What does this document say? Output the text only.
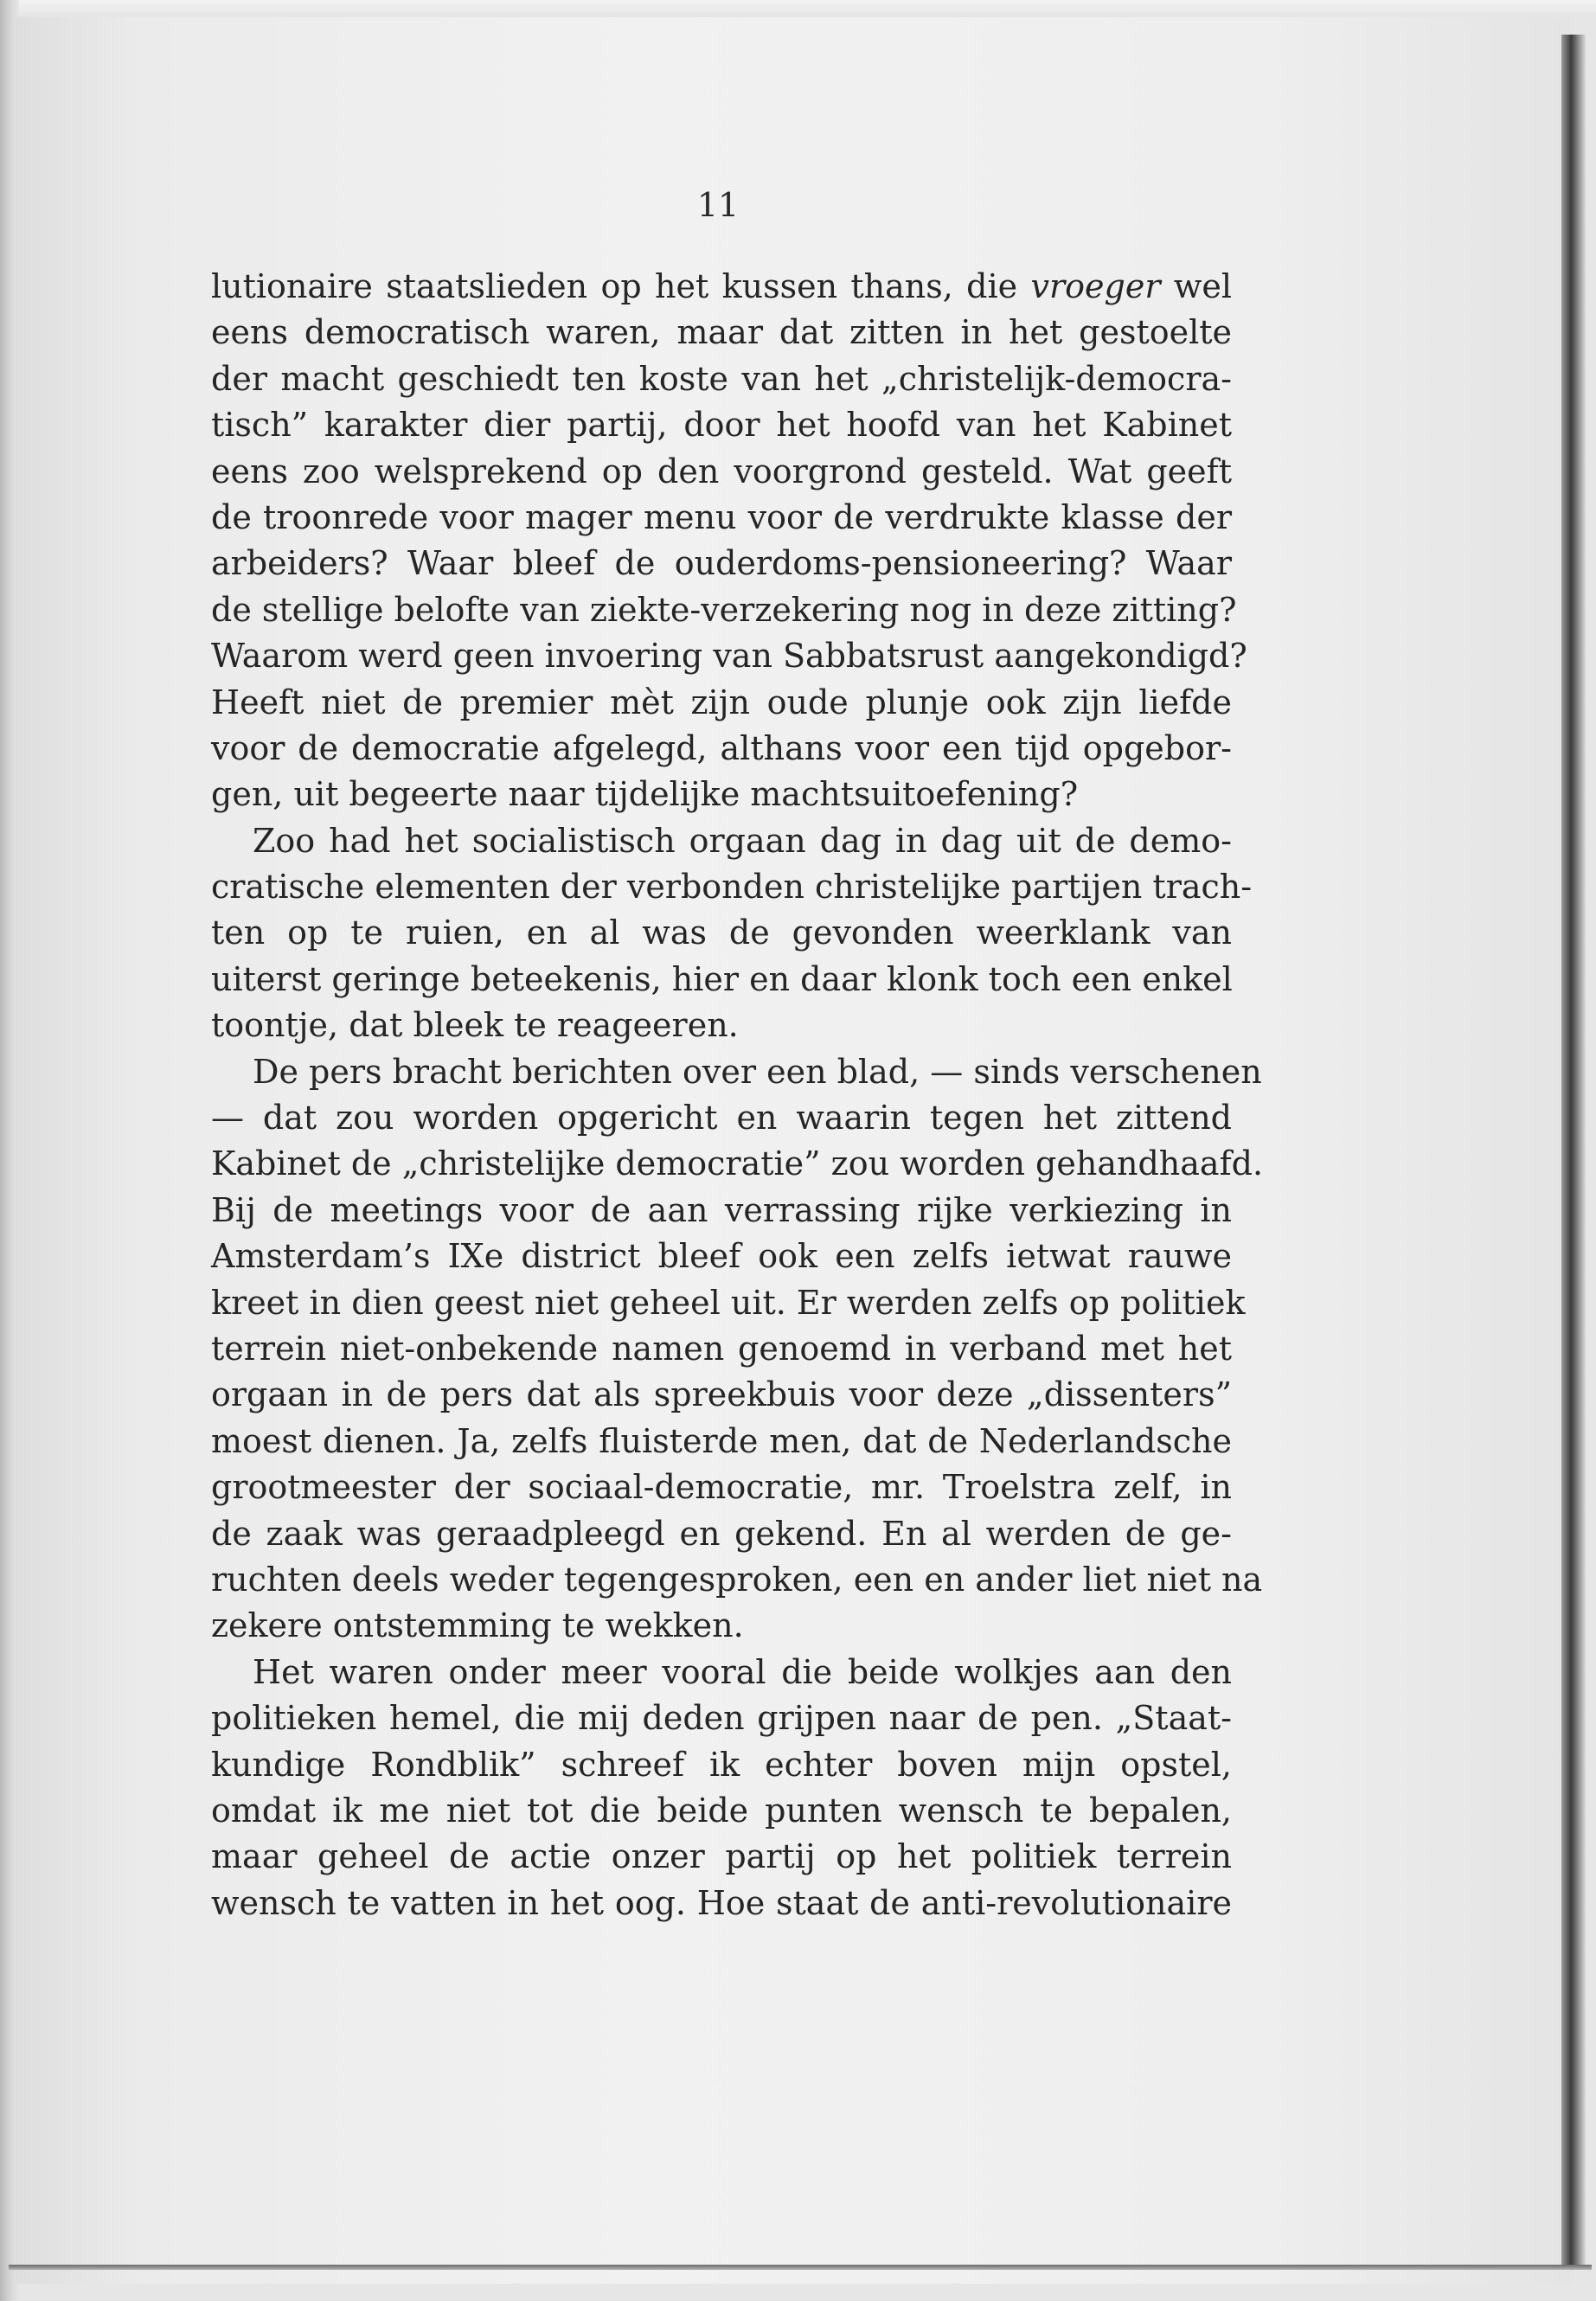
11
lutionaire staatslieden op het kussen thans, die vroeger wel
eens democratisch waren, maar dat zitten in het gestoelte
der macht geschiedt ten koste van het „christelijk-democra-
tisch” karakter dier partij, door het hoofd van het Kabinet
eens zoo welsprekend op den voorgrond gesteld. Wat geeft
de troonrede voor mager menu voor de verdrukte klasse der
arbeiders? Waar bleef de ouderdoms-pensioneering? Waar
de stellige belofte van ziekte-verzekering nog in deze zitting?
Waarom werd geen invoering van Sabbatsrust aangekondigd?
Heeft niet de premier mèt zijn oude plunje ook zijn liefde
voor de democratie afgelegd, althans voor een tijd opgebor-
gen, uit begeerte naar tijdelijke machtsuitoefening?
Zoo had het socialistisch orgaan dag in dag uit de demo-
cratische elementen der verbonden christelijke partijen trach-
ten op te ruien, en al was de gevonden weerklank van
uiterst geringe beteekenis, hier en daar klonk toch een enkel
toontje, dat bleek te reageeren.
De pers bracht berichten over een blad, — sinds verschenen
— dat zou worden opgericht en waarin tegen het zittend
Kabinet de „christelijke democratie” zou worden gehandhaafd.
Bij de meetings voor de aan verrassing rijke verkiezing in
Amsterdam’s IXe district bleef ook een zelfs ietwat rauwe
kreet in dien geest niet geheel uit. Er werden zelfs op politiek
terrein niet-onbekende namen genoemd in verband met het
orgaan in de pers dat als spreekbuis voor deze „dissenters”
moest dienen. Ja, zelfs fluisterde men, dat de Nederlandsche
grootmeester der sociaal-democratie, mr. Troelstra zelf, in
de zaak was geraadpleegd en gekend. En al werden de ge-
ruchten deels weder tegengesproken, een en ander liet niet na
zekere ontstemming te wekken.
Het waren onder meer vooral die beide wolkjes aan den
politieken hemel, die mij deden grijpen naar de pen. „Staat-
kundige Rondblik” schreef ik echter boven mijn opstel,
omdat ik me niet tot die beide punten wensch te bepalen,
maar geheel de actie onzer partij op het politiek terrein
wensch te vatten in het oog. Hoe staat de anti-revolutionaire
